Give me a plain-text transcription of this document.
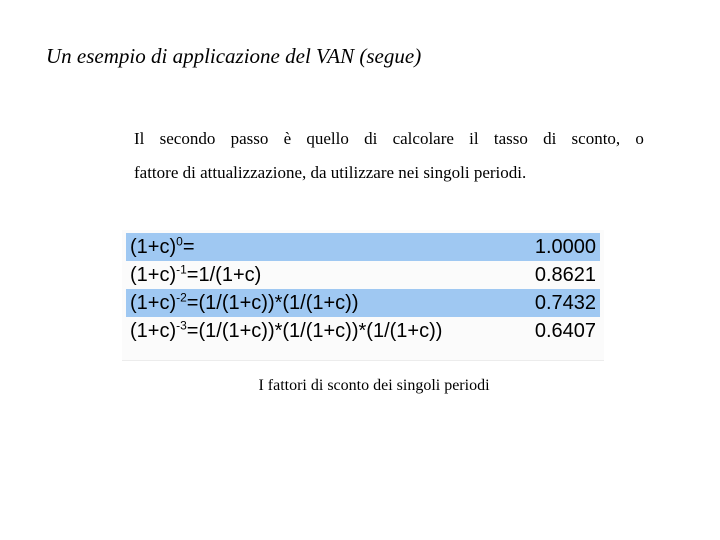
Un esempio di applicazione del VAN (segue)
Il secondo passo è quello di calcolare il tasso di sconto, o
fattore di attualizzazione, da utilizzare nei singoli periodi.
$(1+c)^0=$	1.0000
$(1+c)^{-1}=1/(1+c)$	0.8621
$(1+c)^{-2}=(1/(1+c))*(1/(1+c))$	0.7432
$(1+c)^{-3}=(1/(1+c))*(1/(1+c))*(1/(1+c))$	0.6407
I fattori di sconto dei singoli periodi
